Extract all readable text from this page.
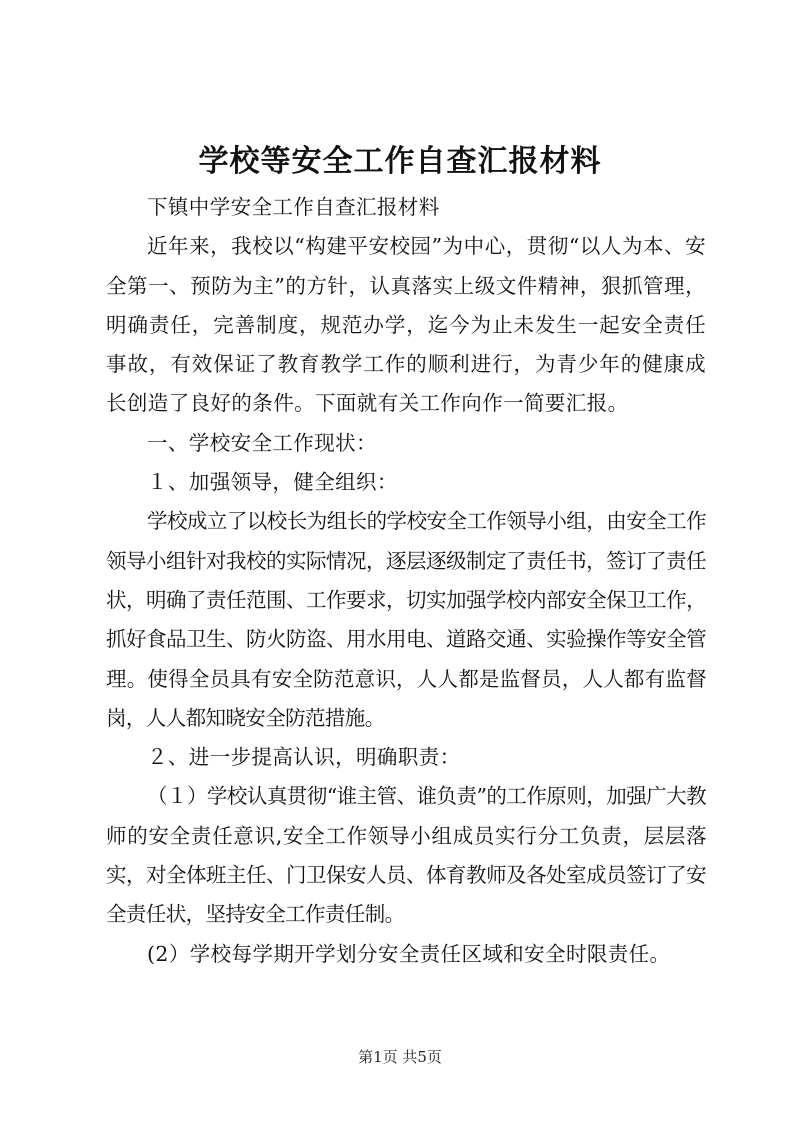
学校等安全工作自查汇报材料

下镇中学安全工作自查汇报材料

近年来，我校以“构建平安校园”为中心，贯彻“以人为本、安全第一、预防为主”的方针，认真落实上级文件精神，狠抓管理，明确责任，完善制度，规范办学，迄今为止未发生一起安全责任事故，有效保证了教育教学工作的顺利进行，为青少年的健康成长创造了良好的条件。下面就有关工作向作一简要汇报。

一、学校安全工作现状：

１、加强领导，健全组织：

学校成立了以校长为组长的学校安全工作领导小组，由安全工作领导小组针对我校的实际情况，逐层逐级制定了责任书，签订了责任状，明确了责任范围、工作要求，切实加强学校内部安全保卫工作，抓好食品卫生、防火防盗、用水用电、道路交通、实验操作等安全管理。使得全员具有安全防范意识，人人都是监督员，人人都有监督岗，人人都知晓安全防范措施。

２、进一步提高认识，明确职责：

（１）学校认真贯彻“谁主管、谁负责”的工作原则，加强广大教师的安全责任意识,安全工作领导小组成员实行分工负责，层层落实，对全体班主任、门卫保安人员、体育教师及各处室成员签订了安全责任状，坚持安全工作责任制。

(2）学校每学期开学划分安全责任区域和安全时限责任。

第1页 共5页
